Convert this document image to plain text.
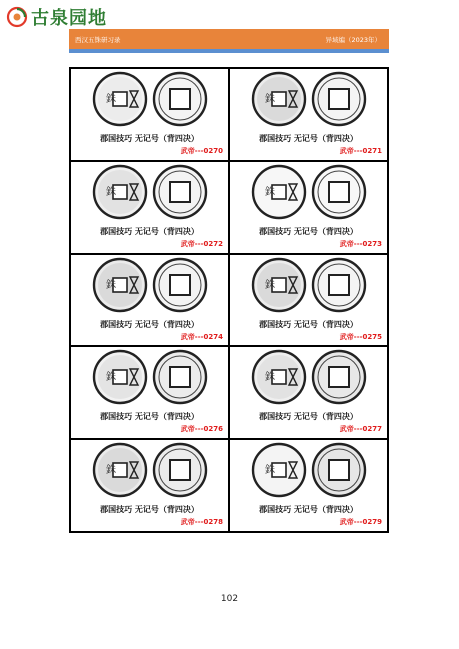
古泉园地
西汉五铢研习录	异域编（2023年）
銖
郡国技巧 无记号（背四决）
武帝---0270
銖
郡国技巧 无记号（背四决）
武帝---0271
銖
郡国技巧 无记号（背四决）
武帝---0272
銖
郡国技巧 无记号（背四决）
武帝---0273
銖
郡国技巧 无记号（背四决）
武帝---0274
銖
郡国技巧 无记号（背四决）
武帝---0275
銖
郡国技巧 无记号（背四决）
武帝---0276
銖
郡国技巧 无记号（背四决）
武帝---0277
銖
郡国技巧 无记号（背四决）
武帝---0278
銖
郡国技巧 无记号（背四决）
武帝---0279
102
